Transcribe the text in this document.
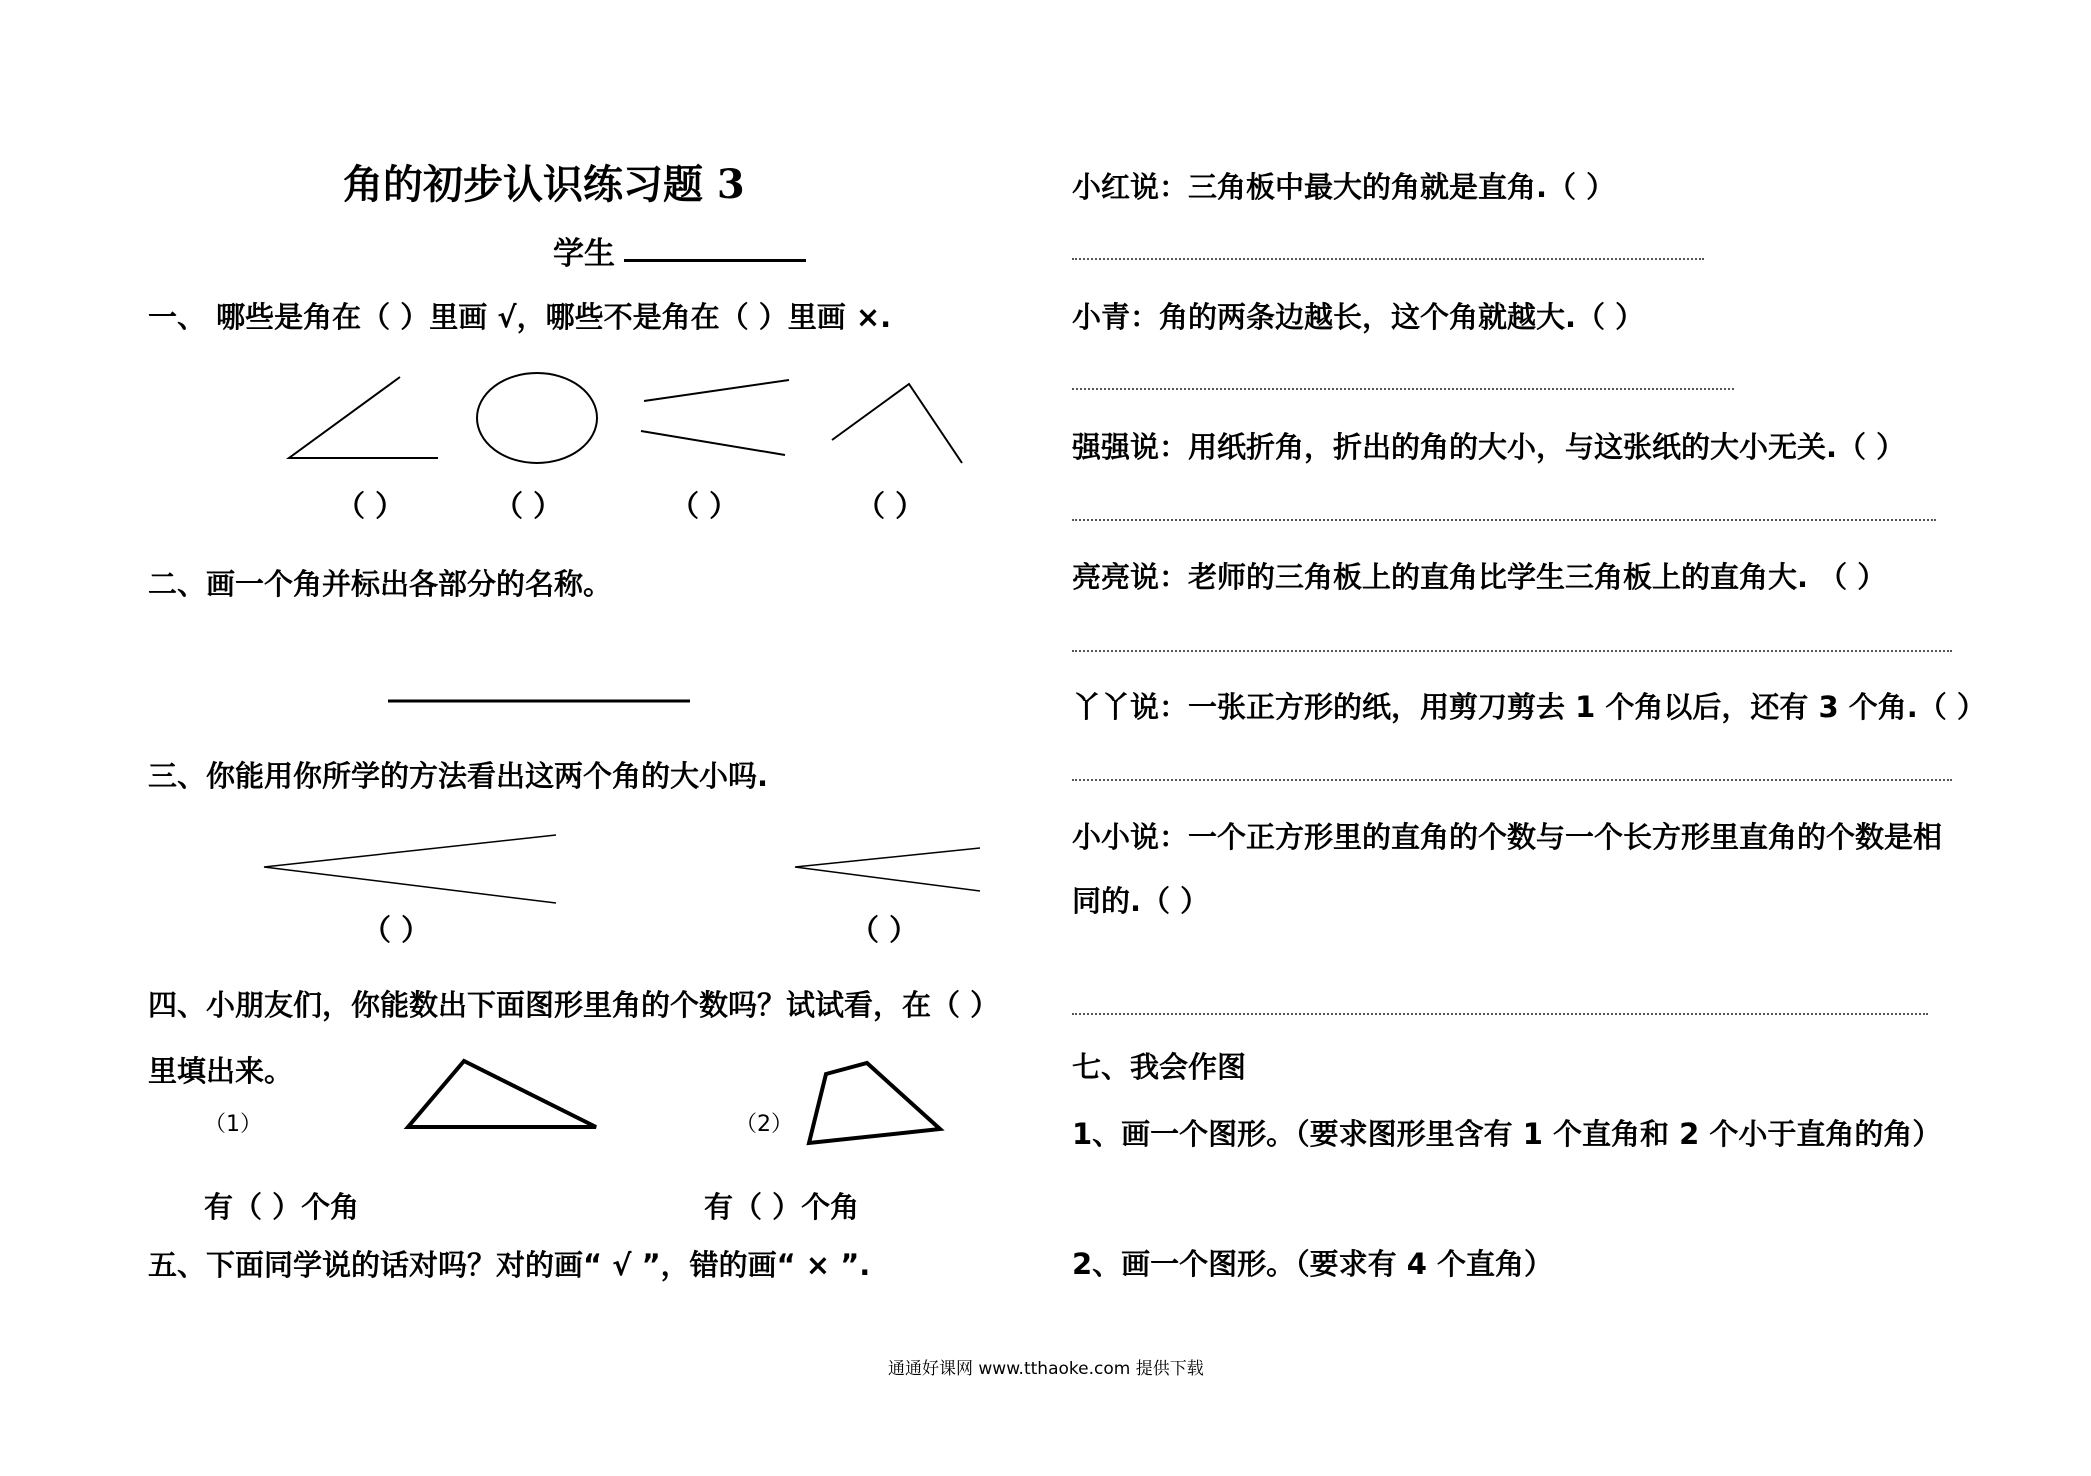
角的初步认识练习题 3
学生
一、 哪些是角在（ ）里画 √，哪些不是角在（ ）里画 ×.
（ ）	（ ）	（ ）	（ ）
二、画一个角并标出各部分的名称。
三、你能用你所学的方法看出这两个角的大小吗.
（ ）	（ ）
四、小朋友们，你能数出下面图形里角的个数吗？试试看，在（ ）
里填出来。
（1）	（2）
有（ ）个角	有（ ）个角
五、下面同学说的话对吗？对的画“ √ ”，错的画“ × ”.
小红说：三角板中最大的角就是直角.（ ）
小青：角的两条边越长，这个角就越大.（ ）
强强说：用纸折角，折出的角的大小，与这张纸的大小无关.（ ）
亮亮说：老师的三角板上的直角比学生三角板上的直角大. （ ）
丫丫说：一张正方形的纸，用剪刀剪去 1 个角以后，还有 3 个角.（ ）
小小说：一个正方形里的直角的个数与一个长方形里直角的个数是相
同的.（ ）
七、我会作图
1、画一个图形。（要求图形里含有 1 个直角和 2 个小于直角的角）
2、画一个图形。（要求有 4 个直角）
通通好课网 www.tthaoke.com 提供下载
